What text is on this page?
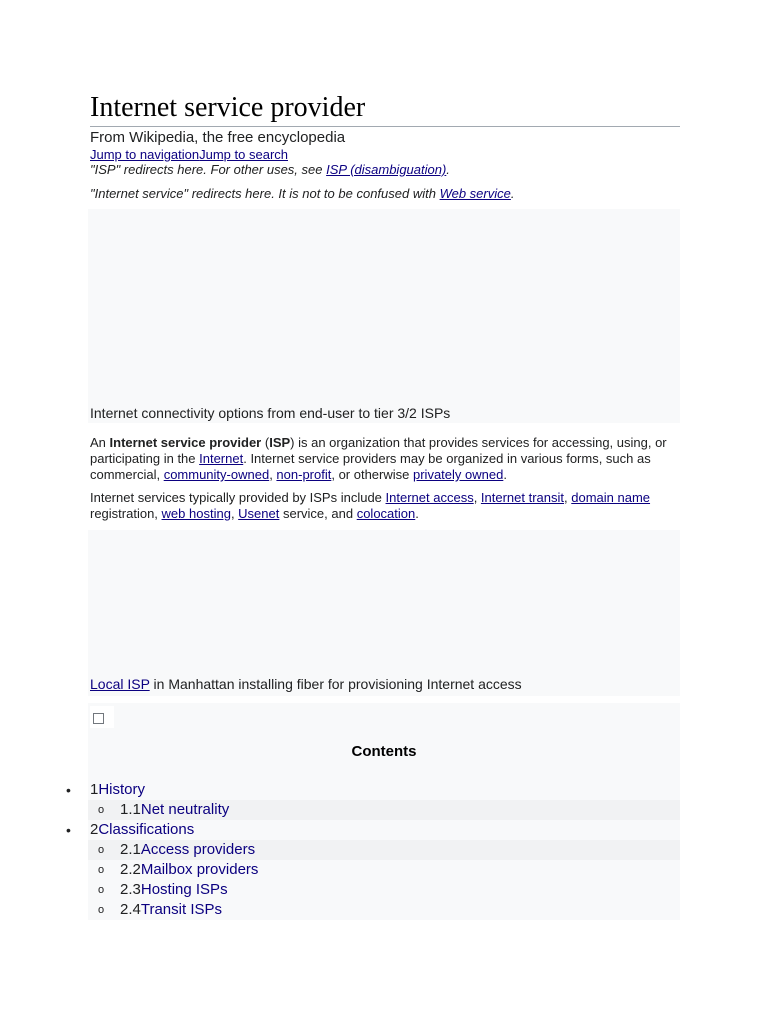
Internet service provider
From Wikipedia, the free encyclopedia
Jump to navigationJump to search
"ISP" redirects here. For other uses, see ISP (disambiguation).
"Internet service" redirects here. It is not to be confused with Web service.
Internet connectivity options from end-user to tier 3/2 ISPs
An Internet service provider (ISP) is an organization that provides services for accessing, using, or participating in the Internet. Internet service providers may be organized in various forms, such as commercial, community-owned, non-profit, or otherwise privately owned.
Internet services typically provided by ISPs include Internet access, Internet transit, domain name registration, web hosting, Usenet service, and colocation.
Local ISP in Manhattan installing fiber for provisioning Internet access
Contents
• 1History
o 1.1Net neutrality
• 2Classifications
o 2.1Access providers
o 2.2Mailbox providers
o 2.3Hosting ISPs
o 2.4Transit ISPs
